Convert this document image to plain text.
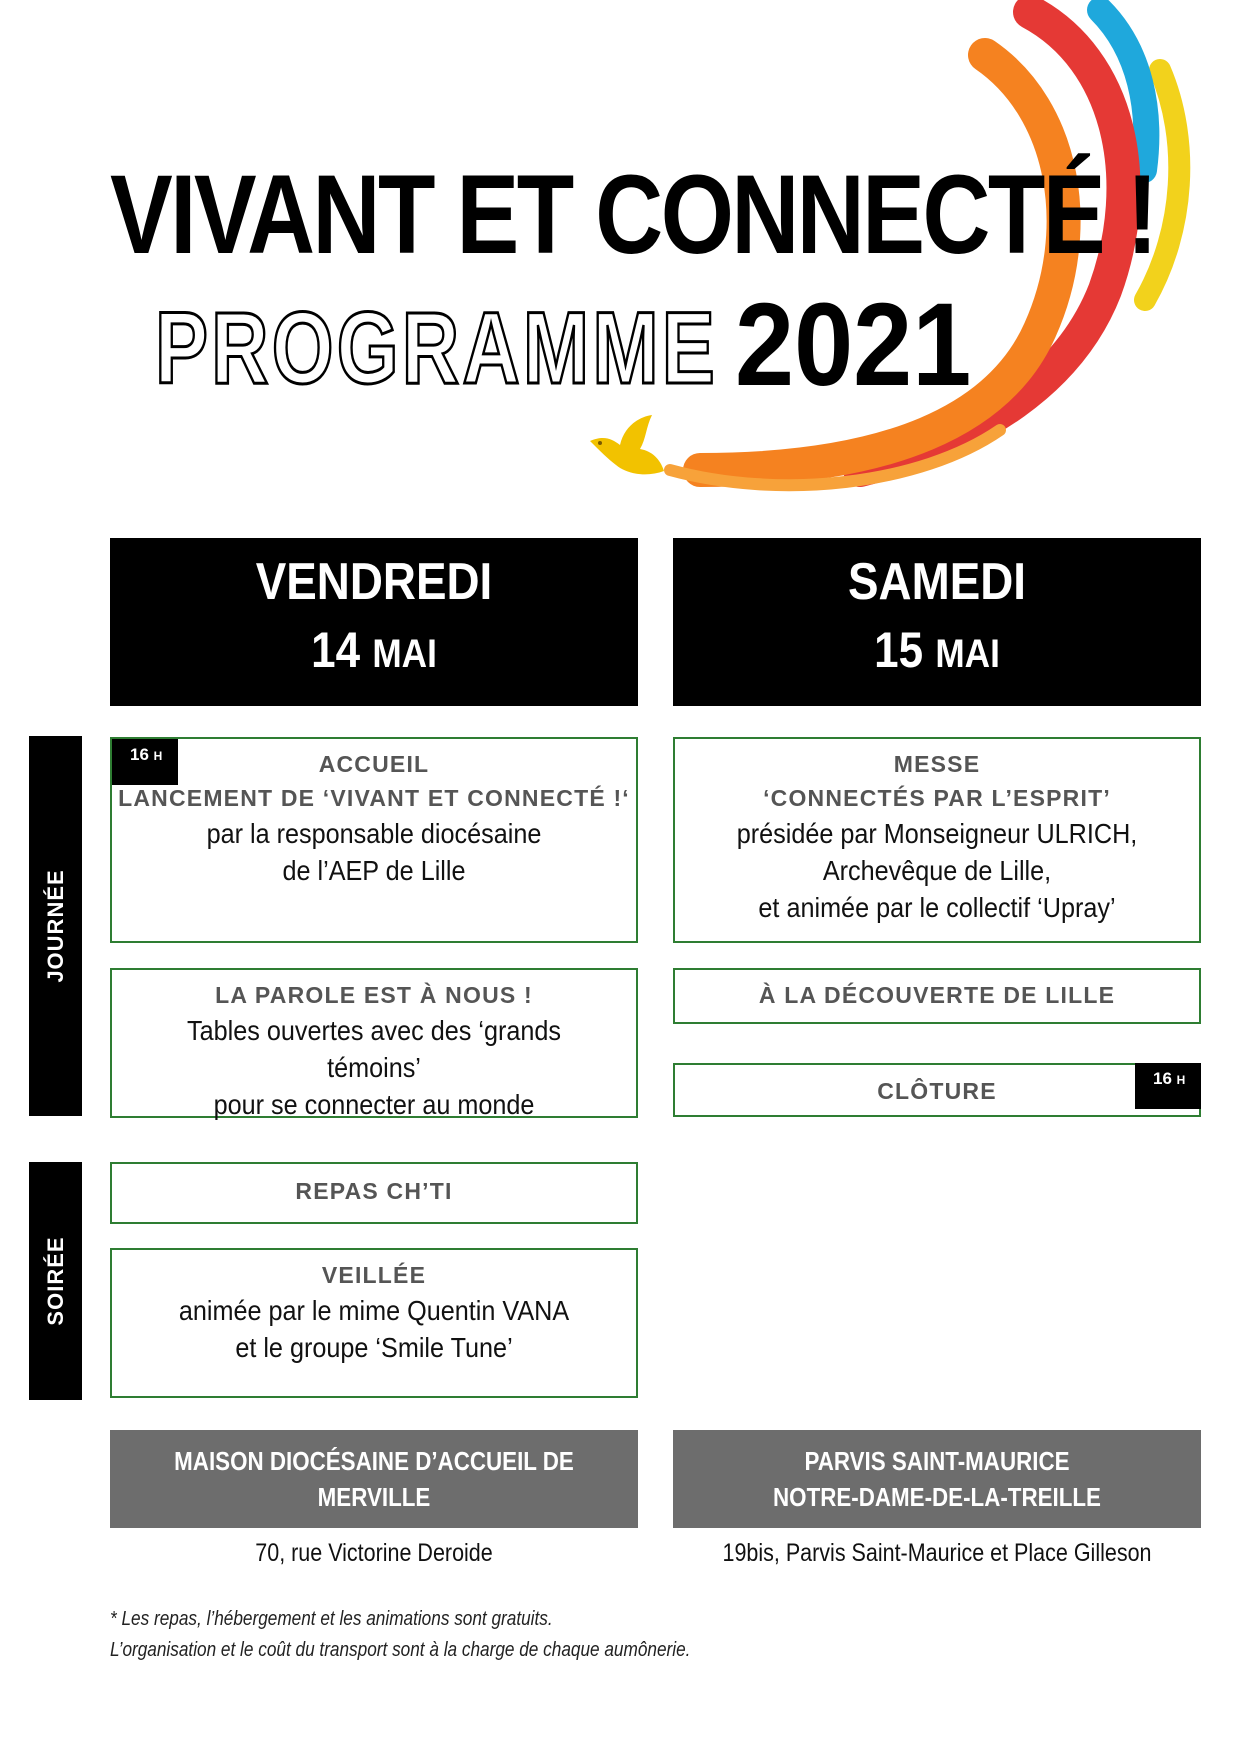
VIVANT ET CONNECTÉ !
PROGRAMME 2021
VENDREDI
14 MAI
SAMEDI
15 MAI
JOURNÉE
SOIRÉE
16 H	ACCUEIL
LANCEMENT DE ‘VIVANT ET CONNECTÉ !‘
par la responsable diocésaine
de l’AEP de Lille
LA PAROLE EST À NOUS !
Tables ouvertes avec des ‘grands témoins’
pour se connecter au monde
REPAS CH’TI
VEILLÉE
animée par le mime Quentin VANA
et le groupe ‘Smile Tune’
MESSE
‘CONNECTÉS PAR L’ESPRIT’
présidée par Monseigneur ULRICH,
Archevêque de Lille,
et animée par le collectif ‘Upray’
À LA DÉCOUVERTE DE LILLE
CLÔTURE	16 H
MAISON DIOCÉSAINE D’ACCUEIL DE MERVILLE
70, rue Victorine Deroide
PARVIS SAINT-MAURICE
NOTRE-DAME-DE-LA-TREILLE
19bis, Parvis Saint-Maurice et Place Gilleson
* Les repas, l’hébergement et les animations sont gratuits.
L’organisation et le coût du transport sont à la charge de chaque aumônerie.
